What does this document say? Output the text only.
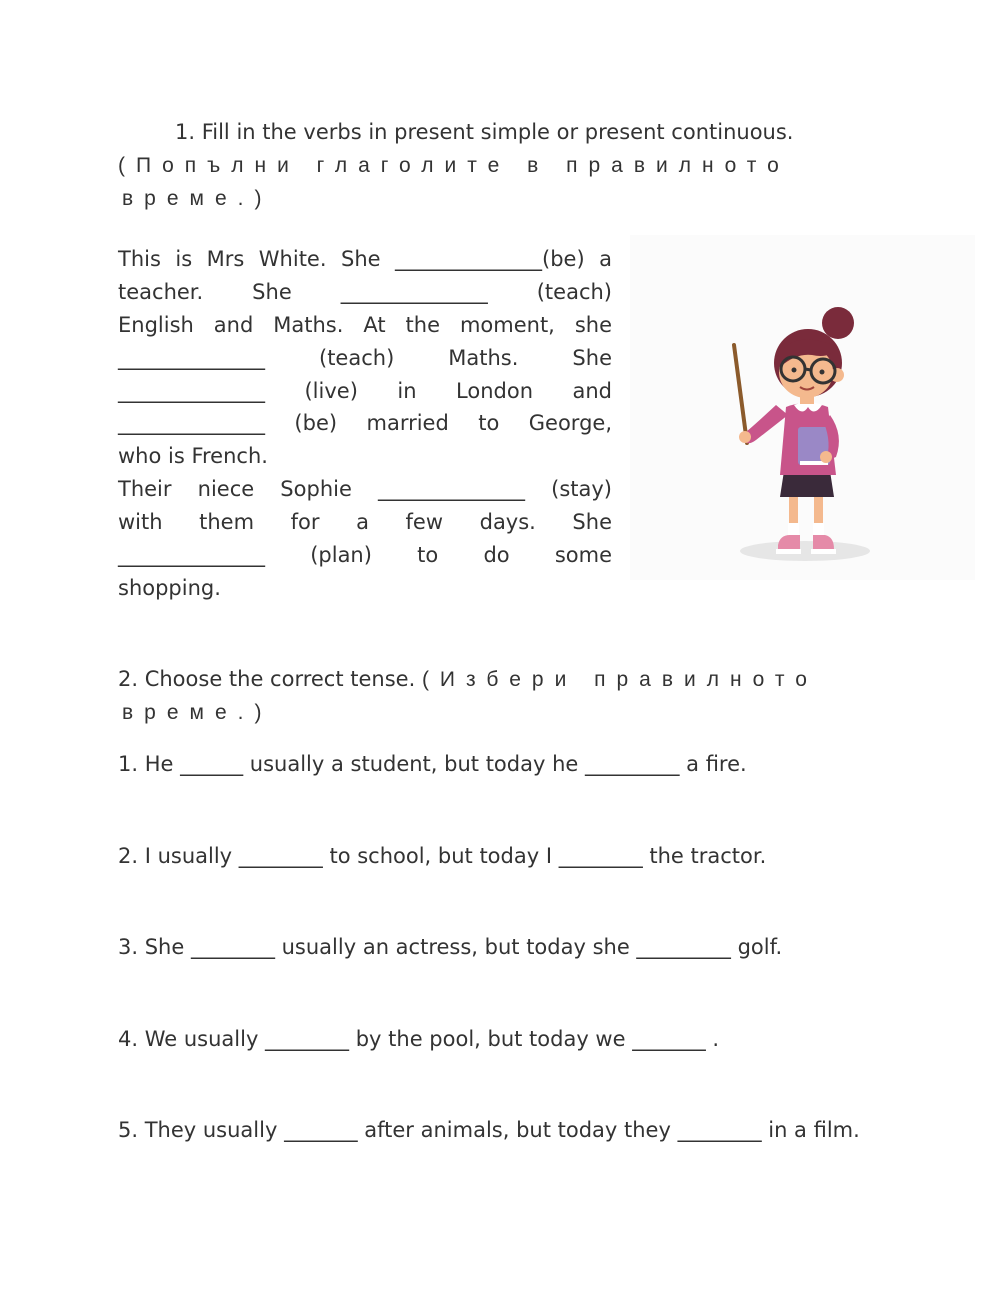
1. Fill in the verbs in present simple or present continuous.
(Попълни глаголите в правилното
време.)
This is Mrs White. She ______________(be) a
teacher. She ______________ (teach)
English and Maths. At the moment, she
______________ (teach) Maths. She
______________ (live) in London and
______________ (be) married to George,
who is French.
Their niece Sophie ______________ (stay)
with them for a few days. She
______________ (plan) to do some
shopping.
2. Choose the correct tense. (Избери правилното
време.)
1. He ______ usually a student, but today he _________ a fire.
2. I usually ________ to school, but today I ________ the tractor.
3. She ________ usually an actress, but today she _________ golf.
4. We usually ________ by the pool, but today we _______ .
5. They usually _______ after animals, but today they ________ in a film.
